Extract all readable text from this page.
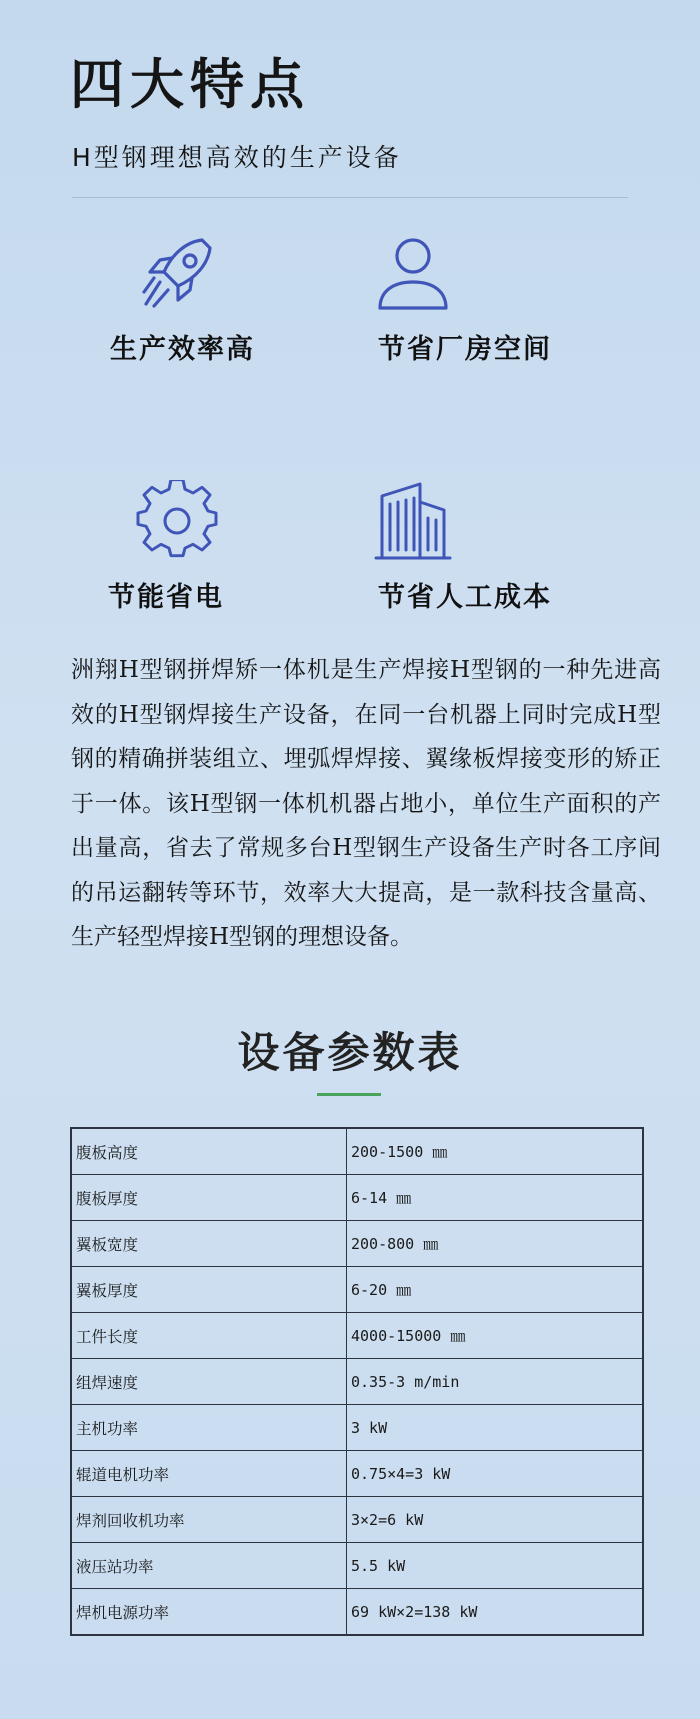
四大特点

H型钢理想高效的生产设备

生产效率高	节省厂房空间
节能省电	节省人工成本

洲翔H型钢拼焊矫一体机是生产焊接H型钢的一种先进高效的H型钢焊接生产设备，在同一台机器上同时完成H型钢的精确拼装组立、埋弧焊焊接、翼缘板焊接变形的矫正于一体。该H型钢一体机机器占地小，单位生产面积的产出量高，省去了常规多台H型钢生产设备生产时各工序间的吊运翻转等环节，效率大大提高，是一款科技含量高、生产轻型焊接H型钢的理想设备。

设备参数表
腹板高度	200-1500 ㎜
腹板厚度	6-14 ㎜
翼板宽度	200-800 ㎜
翼板厚度	6-20 ㎜
工件长度	4000-15000 ㎜
组焊速度	0.35-3 m/min
主机功率	3 kW
辊道电机功率	0.75×4=3 kW
焊剂回收机功率	3×2=6 kW
液压站功率	5.5 kW
焊机电源功率	69 kW×2=138 kW
